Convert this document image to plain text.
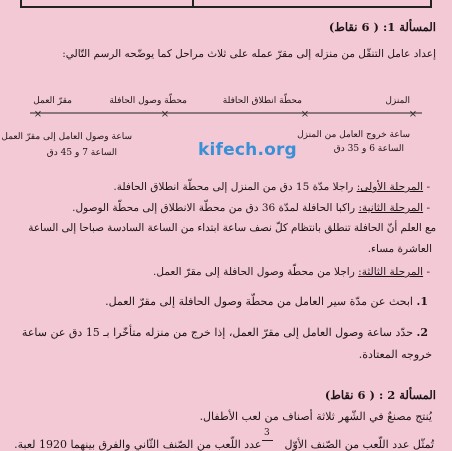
المسألة 1: ( 6 نقاط)
إعداد عامل التنقّل من منزله إلى مقرّ عمله على ثلاث مراحل كما يوضّحه الرسم التّالي:
×
×
×
×
المنزل
محطّة انطلاق الحافلة
محطّة وصول الحافلة
مقرّ العمل
ساعة خروج العامل من المنزل
الساعة 6 و 35 دق
ساعة وصول العامل إلى مقرّ العمل
الساعة 7 و 45 دق	kifech.org
- المرحلة الأولى: راجلا مدّة 15 دق من المنزل إلى محطّة انطلاق الحافلة.
- المرحلة الثانية: راكبا الحافلة لمدّة 36 دق من محطّة الانطلاق إلى محطّة الوصول.
مع العلم أنّ الحافلة تنطلق بانتظام كلّ نصف ساعة ابتداء من الساعة السادسة صباحا إلى الساعة
العاشرة مساء.
- المرحلة الثالثة: راجلا من محطّة وصول الحافلة إلى مقرّ العمل.
1. ابحث عن مدّة سير العامل من محطّة وصول الحافلة إلى مقرّ العمل.
2. حدّد ساعة وصول العامل إلى مقرّ العمل، إذا خرج من منزله متأخّرا بـ 15 دق عن ساعة
خروجه المعتادة.
المسألة 2 : ( 6 نقاط)
يُنتج مصنعٌ في الشّهر ثلاثة أصناف من لعب الأطفال.
تُمثّل عدد اللّعب من الصّنف الأوّل  عدد اللّعب من الصّنف الثّاني والفرق بينهما 1920 لعبة.
3
